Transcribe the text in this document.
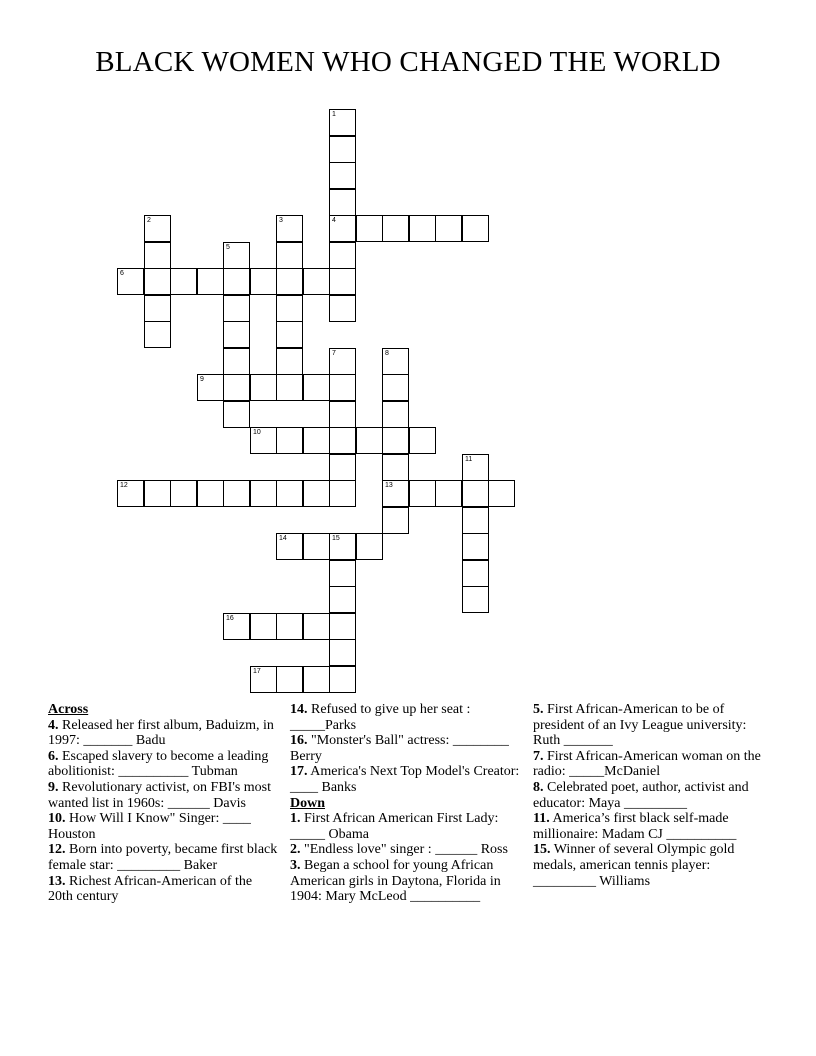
BLACK WOMEN WHO CHANGED THE WORLD
4
6
9
10
12	13
14	15
16
17
1
2	3
5
7	8
11
Across
4. Released her first album, Baduizm, in 1997: _______ Badu
6. Escaped slavery to become a leading abolitionist: __________ Tubman
9. Revolutionary activist, on FBI's most wanted list in 1960s: ______ Davis
10. How Will I Know" Singer: ____ Houston
12. Born into poverty, became first black female star: _________ Baker
13. Richest African-American of the 20th century
14. Refused to give up her seat : _____Parks
16. "Monster's Ball" actress: ________ Berry
17. America's Next Top Model's Creator: ____ Banks
Down
1. First African American First Lady: _____ Obama
2. "Endless love" singer : ______ Ross
3. Began a school for young African American girls in Daytona, Florida in 1904: Mary McLeod __________
5. First African-American to be of president of an Ivy League university: Ruth _______
7. First African-American woman on the radio: _____McDaniel
8. Celebrated poet, author, activist and educator: Maya _________
11. America’s first black self-made millionaire: Madam CJ __________
15. Winner of several Olympic gold medals, american tennis player: _________ Williams
